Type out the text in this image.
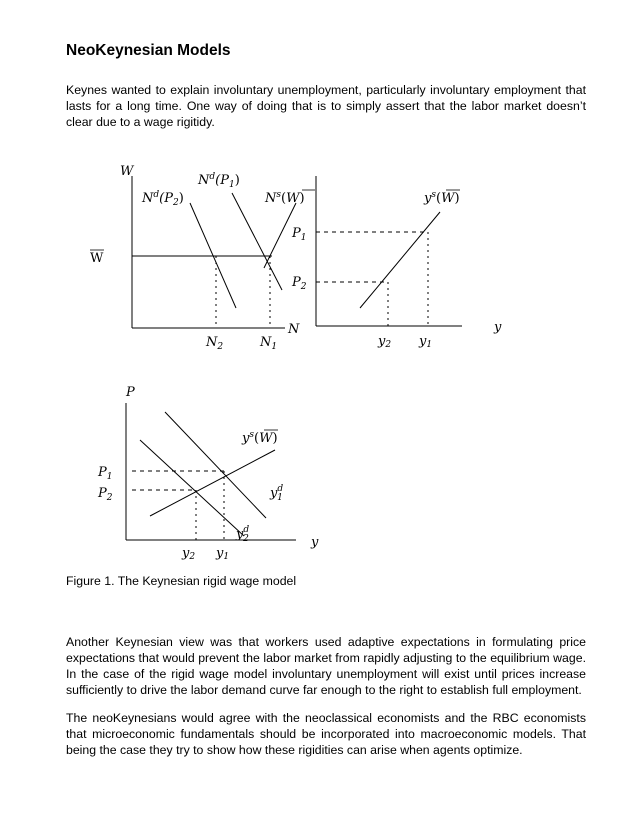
NeoKeynesian Models

Keynes wanted to explain involuntary unemployment, particularly involuntary employment that lasts for a long time. One way of doing that is to simply assert that the labor market doesn’t clear due to a wage rigitidy.

W
W
N
$N^d(P_1)$
$N^d(P_2)$	$N^s(W)$
$P_1$
$P_2$
$N_2$	$N_1$
$y^s(W)$
y
y2 y1
P
y
$y^s(W)$
$P_1$
$P_2$	$y^d$ 1
$y^d$ 2
y2 y1

Figure 1. The Keynesian rigid wage model

Another Keynesian view was that workers used adaptive expectations in formulating price expectations that would prevent the labor market from rapidly adjusting to the equilibrium wage. In the case of the rigid wage model involuntary unemployment will exist until prices increase sufficiently to drive the labor demand curve far enough to the right to establish full employment.

The neoKeynesians would agree with the neoclassical economists and the RBC economists that microeconomic fundamentals should be incorporated into macroeconomic models. That being the case they try to show how these rigidities can arise when agents optimize.
